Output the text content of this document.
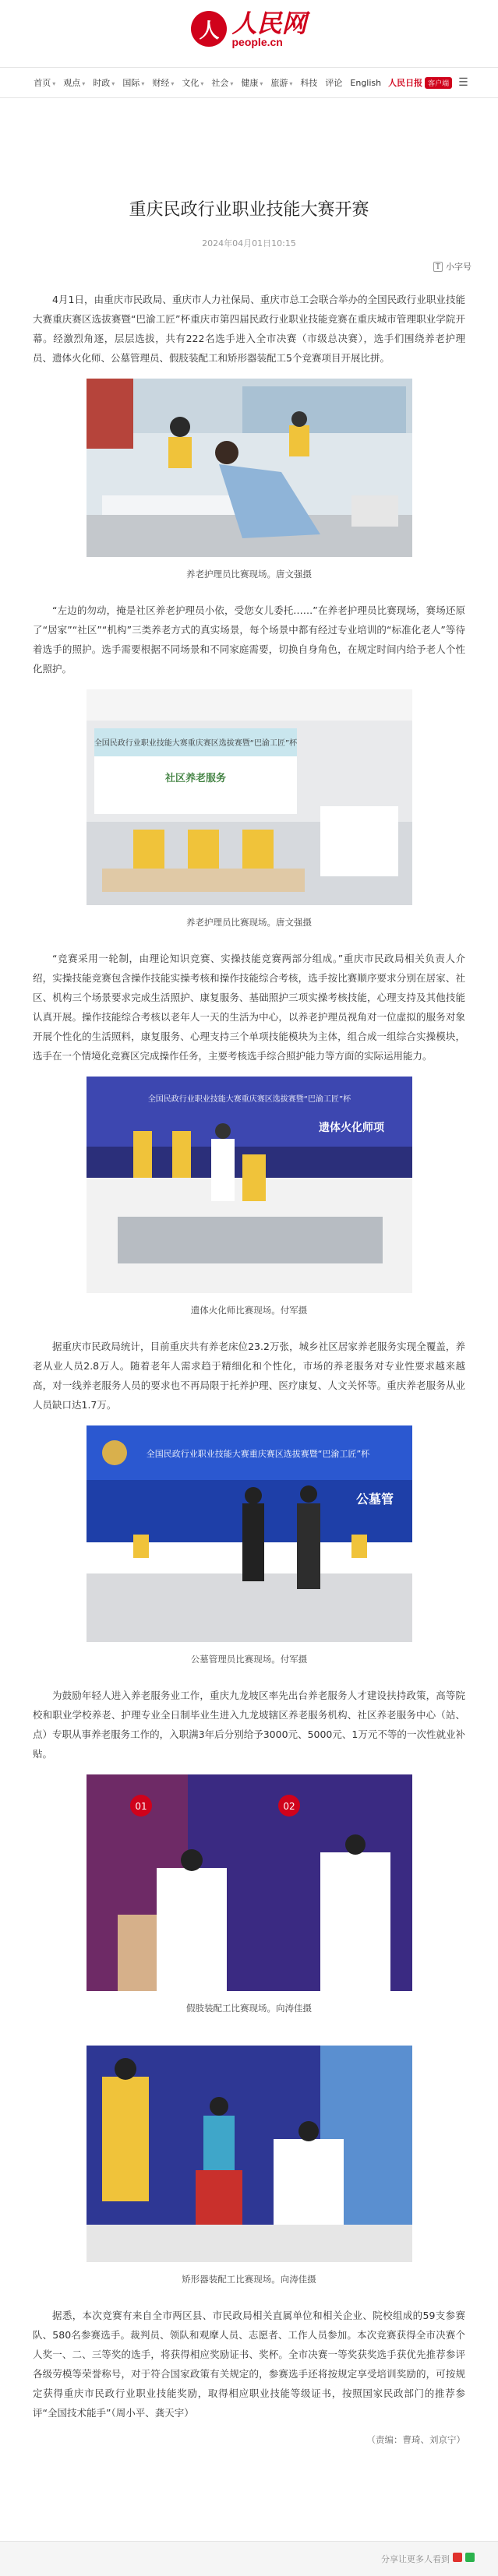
人 人民网
people.cn
首页 ▾ 观点 ▾ 时政 ▾ 国际 ▾ 财经 ▾ 文化 ▾ 社会 ▾ 健康 ▾ 旅游 ▾ 科技 评论 English 人民日报 客户端 ☰
重庆民政行业职业技能大赛开赛
2024年04月01日10:15
T 小字号

4月1日，由重庆市民政局、重庆市人力社保局、重庆市总工会联合举办的全国民政行业职业技能大赛重庆赛区选拔赛暨“巴渝工匠”杯重庆市第四届民政行业职业技能竞赛在重庆城市管理职业学院开幕。经激烈角逐，层层选拔，共有222名选手进入全市决赛（市级总决赛），选手们围绕养老护理员、遗体火化师、公墓管理员、假肢装配工和矫形器装配工5个竞赛项目开展比拼。

养老护理员比赛现场。唐文强摄

“左边的勿动，掩是社区养老护理员小依，受您女儿委托……”在养老护理员比赛现场，赛场还原了“居家”“社区”“机构”三类养老方式的真实场景，每个场景中都有经过专业培训的“标准化老人”等待着选手的照护。选手需要根据不同场景和不同家庭需要，切换自身角色，在规定时间内给予老人个性化照护。

全国民政行业职业技能大赛重庆赛区选拔赛暨“巴渝工匠”杯
社区养老服务
养老护理员比赛现场。唐文强摄

“竞赛采用一轮制，由理论知识竞赛、实操技能竞赛两部分组成。”重庆市民政局相关负责人介绍，实操技能竞赛包含操作技能实操考核和操作技能综合考核，选手按比赛顺序要求分别在居家、社区、机构三个场景要求完成生活照护、康复服务、基础照护三项实操考核技能，心理支持及其他技能认真开展。操作技能综合考核以老年人一天的生活为中心，以养老护理员视角对一位虚拟的服务对象开展个性化的生活照料，康复服务、心理支持三个单项技能模块为主体，组合成一组综合实操模块，选手在一个情境化竞赛区完成操作任务，主要考核选手综合照护能力等方面的实际运用能力。

全国民政行业职业技能大赛重庆赛区选拔赛暨“巴渝工匠”杯
遗体火化师项
遗体火化师比赛现场。付军摄

据重庆市民政局统计，目前重庆共有养老床位23.2万张，城乡社区居家养老服务实现全覆盖，养老从业人员2.8万人。随着老年人需求趋于精细化和个性化，市场的养老服务对专业性要求越来越高，对一线养老服务人员的要求也不再局限于托养护理、医疗康复、人文关怀等。重庆养老服务从业人员缺口达1.7万。

全国民政行业职业技能大赛重庆赛区选拔赛暨“巴渝工匠”杯
公墓管
公墓管理员比赛现场。付军摄

为鼓励年轻人进入养老服务业工作，重庆九龙坡区率先出台养老服务人才建设扶持政策，高等院校和职业学校养老、护理专业全日制毕业生进入九龙坡辖区养老服务机构、社区养老服务中心（站、点）专职从事养老服务工作的，入职满3年后分别给予3000元、5000元、1万元不等的一次性就业补贴。

01	02
假肢装配工比赛现场。向涛佳摄
矫形器装配工比赛现场。向涛佳摄

据悉，本次竞赛有来自全市两区县、市民政局相关直属单位和相关企业、院校组成的59支参赛队、580名参赛选手。裁判员、领队和观摩人员、志愿者、工作人员参加。本次竞赛获得全市决赛个人奖一、二、三等奖的选手，将获得相应奖励证书、奖杯。全市决赛一等奖获奖选手获优先推荐参评各级劳模等荣誉称号，对于符合国家政策有关规定的，参赛选手还将按规定享受培训奖励的，可按规定获得重庆市民政行业职业技能奖励，取得相应职业技能等级证书，按照国家民政部门的推荐参评“全国技术能手”（周小平、龚天宇）

（责编：曹琦、刘京宁）
分享让更多人看到
